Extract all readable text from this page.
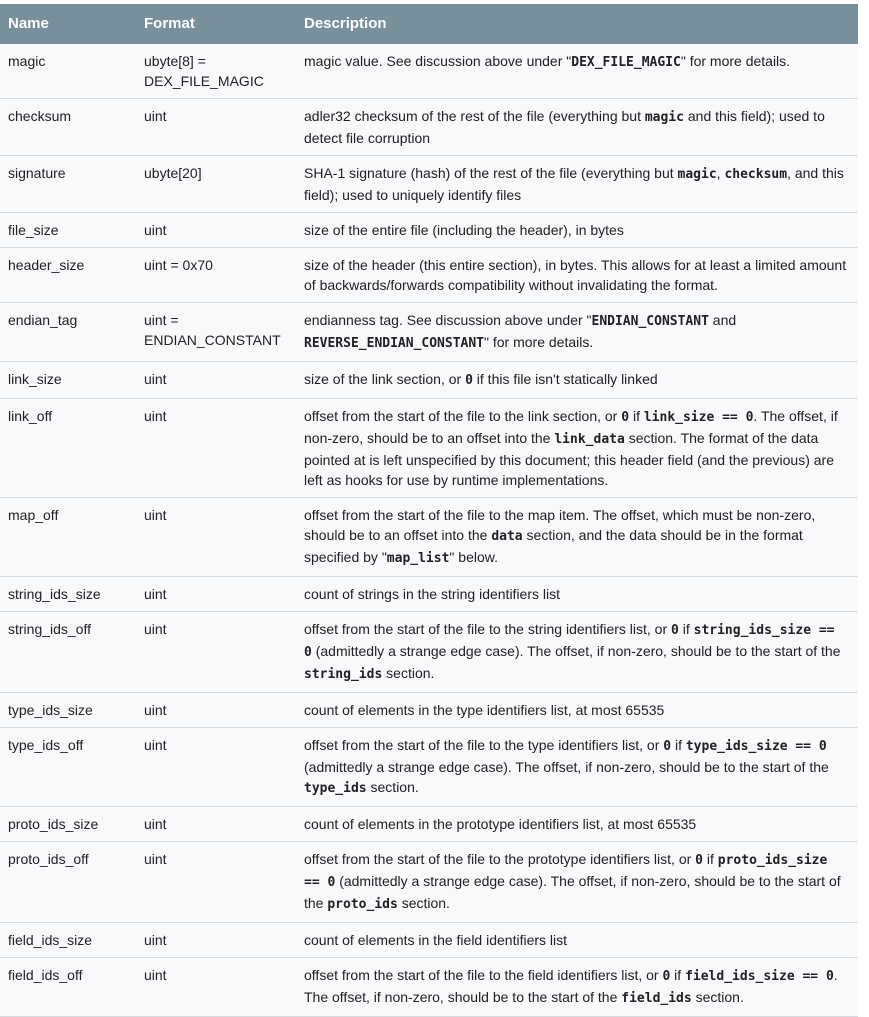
Name	Format	Description
magic	ubyte[8] = DEX_FILE_MAGIC	magic value. See discussion above under "DEX_FILE_MAGIC" for more details.
checksum	uint	adler32 checksum of the rest of the file (everything but magic and this field); used to detect file corruption
signature	ubyte[20]	SHA-1 signature (hash) of the rest of the file (everything but magic, checksum, and this field); used to uniquely identify files
file_size	uint	size of the entire file (including the header), in bytes
header_size	uint = 0x70	size of the header (this entire section), in bytes. This allows for at least a limited amount of backwards/forwards compatibility without invalidating the format.
endian_tag	uint = ENDIAN_CONSTANT	endianness tag. See discussion above under "ENDIAN_CONSTANT and REVERSE_ENDIAN_CONSTANT" for more details.
link_size	uint	size of the link section, or 0 if this file isn't statically linked
link_off	uint	offset from the start of the file to the link section, or 0 if link_size == 0. The offset, if non-zero, should be to an offset into the link_data section. The format of the data pointed at is left unspecified by this document; this header field (and the previous) are left as hooks for use by runtime implementations.
map_off	uint	offset from the start of the file to the map item. The offset, which must be non-zero, should be to an offset into the data section, and the data should be in the format specified by "map_list" below.
string_ids_size	uint	count of strings in the string identifiers list
string_ids_off	uint	offset from the start of the file to the string identifiers list, or 0 if string_ids_size == 0 (admittedly a strange edge case). The offset, if non-zero, should be to the start of the string_ids section.
type_ids_size	uint	count of elements in the type identifiers list, at most 65535
type_ids_off	uint	offset from the start of the file to the type identifiers list, or 0 if type_ids_size == 0 (admittedly a strange edge case). The offset, if non-zero, should be to the start of the type_ids section.
proto_ids_size	uint	count of elements in the prototype identifiers list, at most 65535
proto_ids_off	uint	offset from the start of the file to the prototype identifiers list, or 0 if proto_ids_size == 0 (admittedly a strange edge case). The offset, if non-zero, should be to the start of the proto_ids section.
field_ids_size	uint	count of elements in the field identifiers list
field_ids_off	uint	offset from the start of the file to the field identifiers list, or 0 if field_ids_size == 0. The offset, if non-zero, should be to the start of the field_ids section.
